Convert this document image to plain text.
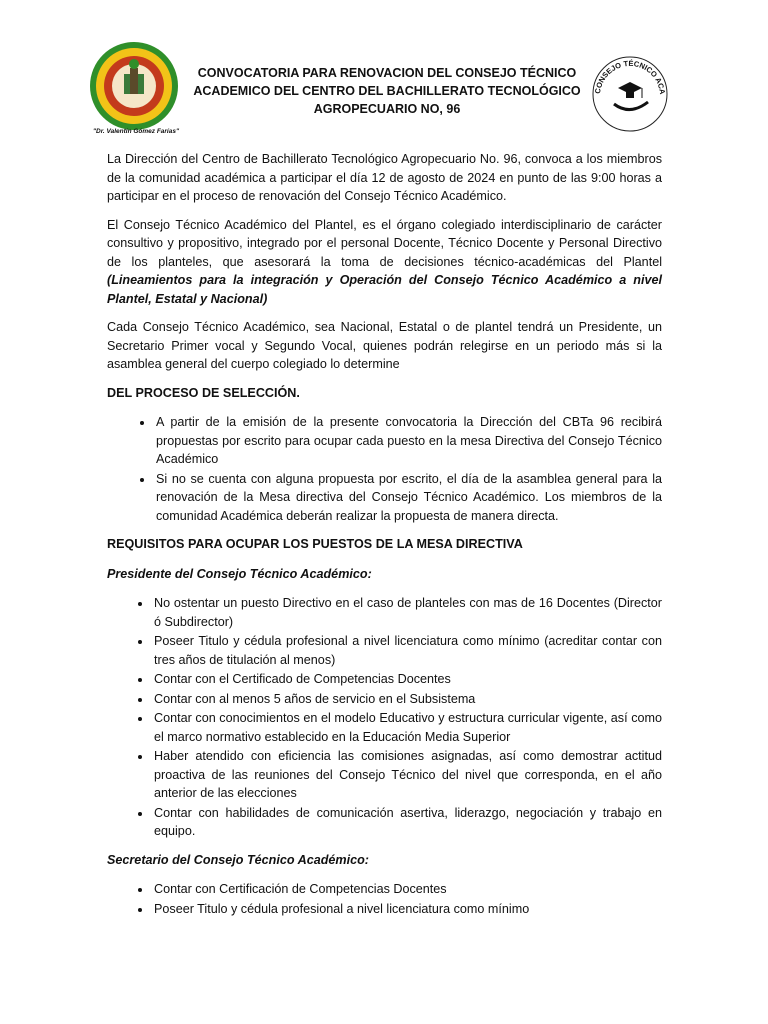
"Dr. Valentín Gómez Farías"
CONVOCATORIA PARA RENOVACION DEL CONSEJO TÉCNICO
ACADEMICO DEL CENTRO DEL BACHILLERATO TECNOLÓGICO
AGROPECUARIO NO, 96
CONSEJO TÉCNICO ACA

La Dirección del Centro de Bachillerato Tecnológico Agropecuario No. 96, convoca a los miembros de la comunidad académica a participar el día 12 de agosto de 2024 en punto de las 9:00 horas a participar en el proceso de renovación del Consejo Técnico Académico.

El Consejo Técnico Académico del Plantel, es el órgano colegiado interdisciplinario de carácter consultivo y propositivo, integrado por el personal Docente, Técnico Docente y Personal Directivo de los planteles, que asesorará la toma de decisiones técnico-académicas del Plantel (Lineamientos para la integración y Operación del Consejo Técnico Académico a nivel Plantel, Estatal y Nacional)

Cada Consejo Técnico Académico, sea Nacional, Estatal o de plantel tendrá un Presidente, un Secretario Primer vocal y Segundo Vocal, quienes podrán relegirse en un periodo más si la asamblea general del cuerpo colegiado lo determine

DEL PROCESO DE SELECCIÓN.
• A partir de la emisión de la presente convocatoria la Dirección del CBTa 96 recibirá propuestas por escrito para ocupar cada puesto en la mesa Directiva del Consejo Técnico Académico
• Si no se cuenta con alguna propuesta por escrito, el día de la asamblea general para la renovación de la Mesa directiva del Consejo Técnico Académico. Los miembros de la comunidad Académica deberán realizar la propuesta de manera directa.
REQUISITOS PARA OCUPAR LOS PUESTOS DE LA MESA DIRECTIVA
Presidente del Consejo Técnico Académico:
• No ostentar un puesto Directivo en el caso de planteles con mas de 16 Docentes (Director ó Subdirector)
• Poseer Titulo y cédula profesional a nivel licenciatura como mínimo (acreditar contar con tres años de titulación al menos)
• Contar con el Certificado de Competencias Docentes
• Contar con al menos 5 años de servicio en el Subsistema
• Contar con conocimientos en el modelo Educativo y estructura curricular vigente, así como el marco normativo establecido en la Educación Media Superior
• Haber atendido con eficiencia las comisiones asignadas, así como demostrar actitud proactiva de las reuniones del Consejo Técnico del nivel que corresponda, en el año anterior de las elecciones
• Contar con habilidades de comunicación asertiva, liderazgo, negociación y trabajo en equipo.
Secretario del Consejo Técnico Académico:
• Contar con Certificación de Competencias Docentes
• Poseer Titulo y cédula profesional a nivel licenciatura como mínimo
